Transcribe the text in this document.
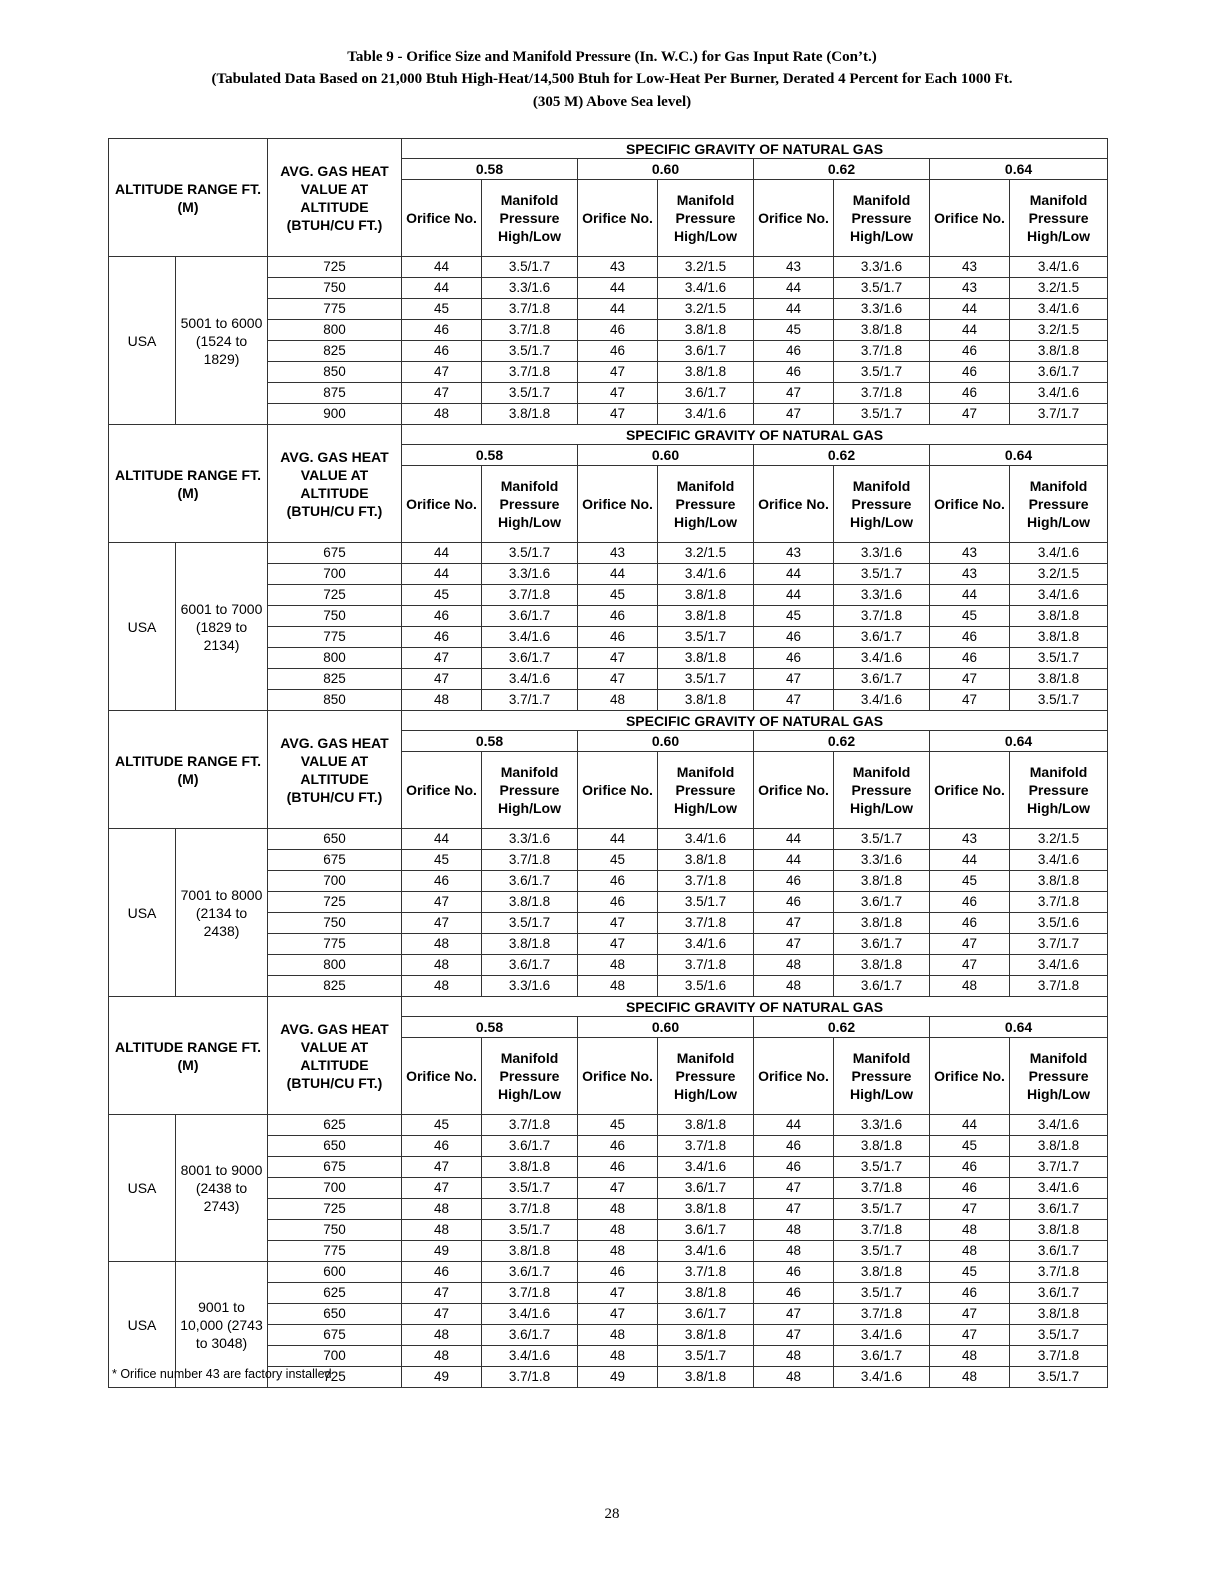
Table 9 - Orifice Size and Manifold Pressure (In. W.C.) for Gas Input Rate (Con’t.)
(Tabulated Data Based on 21,000 Btuh High-Heat/14,500 Btuh for Low-Heat Per Burner, Derated 4 Percent for Each 1000 Ft.
(305 M) Above Sea level)
ALTITUDE RANGE FT. (M)		AVG. GAS HEAT VALUE AT ALTITUDE (BTUH/CU FT.)	SPECIFIC GRAVITY OF NATURAL GAS							
			0.58		0.60		0.62		0.64	
			Orifice No.	Manifold Pressure High/Low	Orifice No.	Manifold Pressure High/Low	Orifice No.	Manifold Pressure High/Low	Orifice No.	Manifold Pressure High/Low
USA	5001 to 6000 (1524 to 1829)	725	44	3.5/1.7	43	3.2/1.5	43	3.3/1.6	43	3.4/1.6
		750	44	3.3/1.6	44	3.4/1.6	44	3.5/1.7	43	3.2/1.5
		775	45	3.7/1.8	44	3.2/1.5	44	3.3/1.6	44	3.4/1.6
		800	46	3.7/1.8	46	3.8/1.8	45	3.8/1.8	44	3.2/1.5
		825	46	3.5/1.7	46	3.6/1.7	46	3.7/1.8	46	3.8/1.8
		850	47	3.7/1.8	47	3.8/1.8	46	3.5/1.7	46	3.6/1.7
		875	47	3.5/1.7	47	3.6/1.7	47	3.7/1.8	46	3.4/1.6
		900	48	3.8/1.8	47	3.4/1.6	47	3.5/1.7	47	3.7/1.7
ALTITUDE RANGE FT. (M)		AVG. GAS HEAT VALUE AT ALTITUDE (BTUH/CU FT.)	SPECIFIC GRAVITY OF NATURAL GAS							
			0.58		0.60		0.62		0.64	
			Orifice No.	Manifold Pressure High/Low	Orifice No.	Manifold Pressure High/Low	Orifice No.	Manifold Pressure High/Low	Orifice No.	Manifold Pressure High/Low
USA	6001 to 7000 (1829 to 2134)	675	44	3.5/1.7	43	3.2/1.5	43	3.3/1.6	43	3.4/1.6
		700	44	3.3/1.6	44	3.4/1.6	44	3.5/1.7	43	3.2/1.5
		725	45	3.7/1.8	45	3.8/1.8	44	3.3/1.6	44	3.4/1.6
		750	46	3.6/1.7	46	3.8/1.8	45	3.7/1.8	45	3.8/1.8
		775	46	3.4/1.6	46	3.5/1.7	46	3.6/1.7	46	3.8/1.8
		800	47	3.6/1.7	47	3.8/1.8	46	3.4/1.6	46	3.5/1.7
		825	47	3.4/1.6	47	3.5/1.7	47	3.6/1.7	47	3.8/1.8
		850	48	3.7/1.7	48	3.8/1.8	47	3.4/1.6	47	3.5/1.7
ALTITUDE RANGE FT. (M)		AVG. GAS HEAT VALUE AT ALTITUDE (BTUH/CU FT.)	SPECIFIC GRAVITY OF NATURAL GAS							
			0.58		0.60		0.62		0.64	
			Orifice No.	Manifold Pressure High/Low	Orifice No.	Manifold Pressure High/Low	Orifice No.	Manifold Pressure High/Low	Orifice No.	Manifold Pressure High/Low
USA	7001 to 8000 (2134 to 2438)	650	44	3.3/1.6	44	3.4/1.6	44	3.5/1.7	43	3.2/1.5
		675	45	3.7/1.8	45	3.8/1.8	44	3.3/1.6	44	3.4/1.6
		700	46	3.6/1.7	46	3.7/1.8	46	3.8/1.8	45	3.8/1.8
		725	47	3.8/1.8	46	3.5/1.7	46	3.6/1.7	46	3.7/1.8
		750	47	3.5/1.7	47	3.7/1.8	47	3.8/1.8	46	3.5/1.6
		775	48	3.8/1.8	47	3.4/1.6	47	3.6/1.7	47	3.7/1.7
		800	48	3.6/1.7	48	3.7/1.8	48	3.8/1.8	47	3.4/1.6
		825	48	3.3/1.6	48	3.5/1.6	48	3.6/1.7	48	3.7/1.8
ALTITUDE RANGE FT. (M)		AVG. GAS HEAT VALUE AT ALTITUDE (BTUH/CU FT.)	SPECIFIC GRAVITY OF NATURAL GAS							
			0.58		0.60		0.62		0.64	
			Orifice No.	Manifold Pressure High/Low	Orifice No.	Manifold Pressure High/Low	Orifice No.	Manifold Pressure High/Low	Orifice No.	Manifold Pressure High/Low
USA	8001 to 9000 (2438 to 2743)	625	45	3.7/1.8	45	3.8/1.8	44	3.3/1.6	44	3.4/1.6
		650	46	3.6/1.7	46	3.7/1.8	46	3.8/1.8	45	3.8/1.8
		675	47	3.8/1.8	46	3.4/1.6	46	3.5/1.7	46	3.7/1.7
		700	47	3.5/1.7	47	3.6/1.7	47	3.7/1.8	46	3.4/1.6
		725	48	3.7/1.8	48	3.8/1.8	47	3.5/1.7	47	3.6/1.7
		750	48	3.5/1.7	48	3.6/1.7	48	3.7/1.8	48	3.8/1.8
		775	49	3.8/1.8	48	3.4/1.6	48	3.5/1.7	48	3.6/1.7
USA	9001 to 10,000 (2743 to 3048)	600	46	3.6/1.7	46	3.7/1.8	46	3.8/1.8	45	3.7/1.8
		625	47	3.7/1.8	47	3.8/1.8	46	3.5/1.7	46	3.6/1.7
		650	47	3.4/1.6	47	3.6/1.7	47	3.7/1.8	47	3.8/1.8
		675	48	3.6/1.7	48	3.8/1.8	47	3.4/1.6	47	3.5/1.7
		700	48	3.4/1.6	48	3.5/1.7	48	3.6/1.7	48	3.7/1.8
		725	49	3.7/1.8	49	3.8/1.8	48	3.4/1.6	48	3.5/1.7
* Orifice number 43 are factory installed
28
